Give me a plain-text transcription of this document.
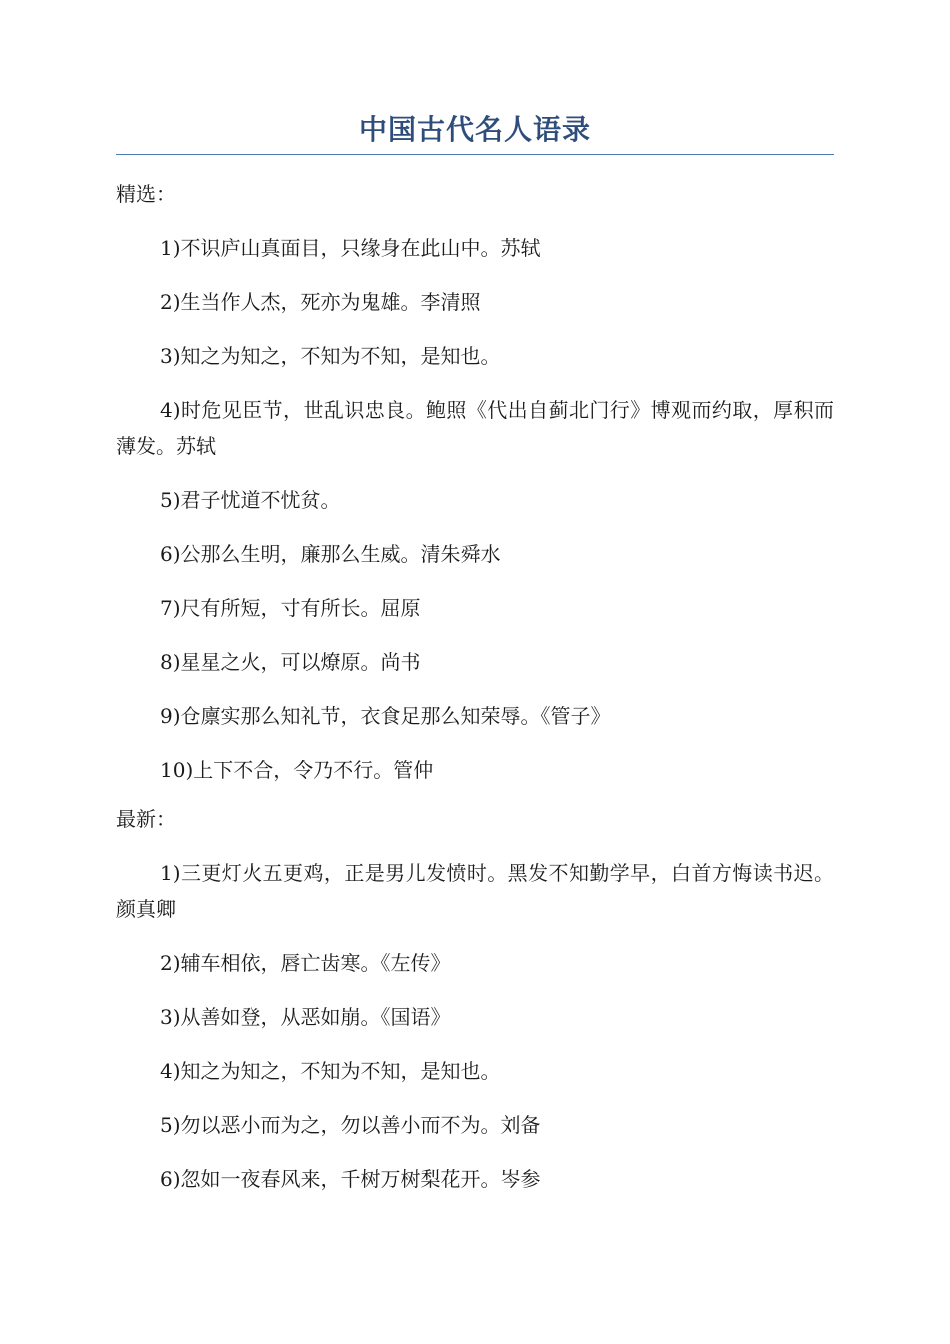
中国古代名人语录

精选：

1)不识庐山真面目，只缘身在此山中。苏轼

2)生当作人杰，死亦为鬼雄。李清照

3)知之为知之，不知为不知，是知也。

4)时危见臣节，世乱识忠良。鲍照《代出自蓟北门行》博观而约取，厚积而薄发。苏轼

5)君子忧道不忧贫。

6)公那么生明，廉那么生威。清朱舜水

7)尺有所短，寸有所长。屈原

8)星星之火，可以燎原。尚书

9)仓廪实那么知礼节，衣食足那么知荣辱。《管子》

10)上下不合，令乃不行。管仲

最新：

1)三更灯火五更鸡，正是男儿发愤时。黑发不知勤学早，白首方悔读书迟。颜真卿

2)辅车相依，唇亡齿寒。《左传》

3)从善如登，从恶如崩。《国语》

4)知之为知之，不知为不知，是知也。

5)勿以恶小而为之，勿以善小而不为。刘备

6)忽如一夜春风来，千树万树梨花开。岑参
